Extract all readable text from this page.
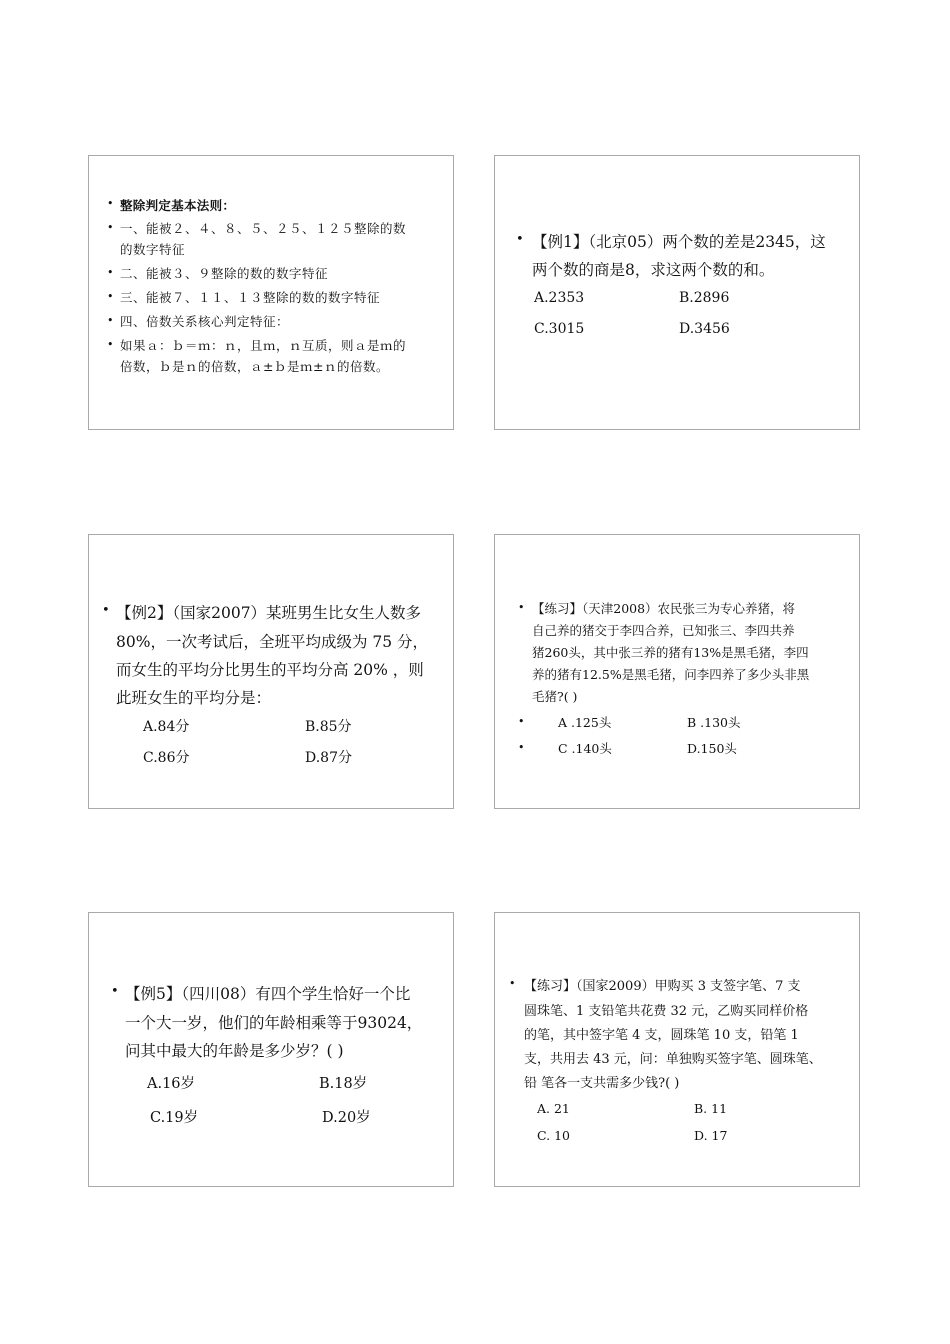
• 整除判定基本法则：
• 一、能被２、４、８、５、２５、１２５整除的数
的数字特征
• 二、能被３、９整除的数的数字特征
• 三、能被７、１１、１３整除的数的数字特征
• 四、倍数关系核心判定特征：
• 如果ａ：ｂ＝ｍ：ｎ，且ｍ，ｎ互质，则ａ是ｍ的
倍数，ｂ是ｎ的倍数，ａ±ｂ是ｍ±ｎ的倍数。
• 【例1】（北京05）两个数的差是2345，这
两个数的商是8，求这两个数的和。
A.2353	B.2896
C.3015	D.3456
• 【例2】（国家2007）某班男生比女生人数多
80%，一次考试后，全班平均成级为 75 分，
而女生的平均分比男生的平均分高 20% ，则
此班女生的平均分是：
A.84分	B.85分
C.86分	D.87分
• 【练习】（天津2008）农民张三为专心养猪，将
自己养的猪交于李四合养，已知张三、李四共养
猪260头，其中张三养的猪有13%是黑毛猪，李四
养的猪有12.5%是黑毛猪，问李四养了多少头非黑
毛猪?( )
•	A .125头	B .130头
•	C .140头	D.150头
• 【例5】（四川08）有四个学生恰好一个比
一个大一岁，他们的年龄相乘等于93024，
问其中最大的年龄是多少岁？( )
A.16岁	B.18岁
C.19岁	D.20岁
• 【练习】（国家2009）甲购买 3 支签字笔、7 支
圆珠笔、1 支铅笔共花费 32 元，乙购买同样价格
的笔，其中签字笔 4 支，圆珠笔 10 支，铅笔 1
支，共用去 43 元，问：单独购买签字笔、圆珠笔、
铅 笔各一支共需多少钱?( )
A. 21	B. 11
C. 10	D. 17
